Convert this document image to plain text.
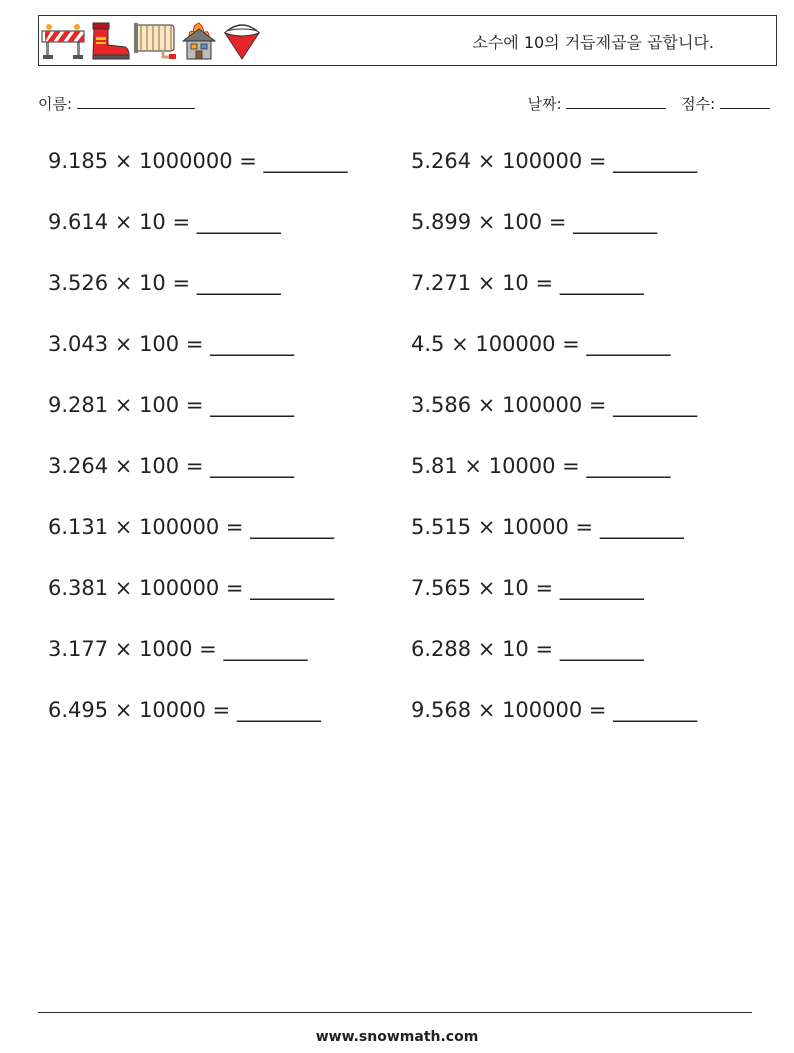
소수에 10의 거듭제곱을 곱합니다.
이름:	날짜:	점수:
9.185 × 1000000 = ________	5.264 × 100000 = ________
9.614 × 10 = ________	5.899 × 100 = ________
3.526 × 10 = ________	7.271 × 10 = ________
3.043 × 100 = ________	4.5 × 100000 = ________
9.281 × 100 = ________	3.586 × 100000 = ________
3.264 × 100 = ________	5.81 × 10000 = ________
6.131 × 100000 = ________	5.515 × 10000 = ________
6.381 × 100000 = ________	7.565 × 10 = ________
3.177 × 1000 = ________	6.288 × 10 = ________
6.495 × 10000 = ________	9.568 × 100000 = ________
www.snowmath.com
